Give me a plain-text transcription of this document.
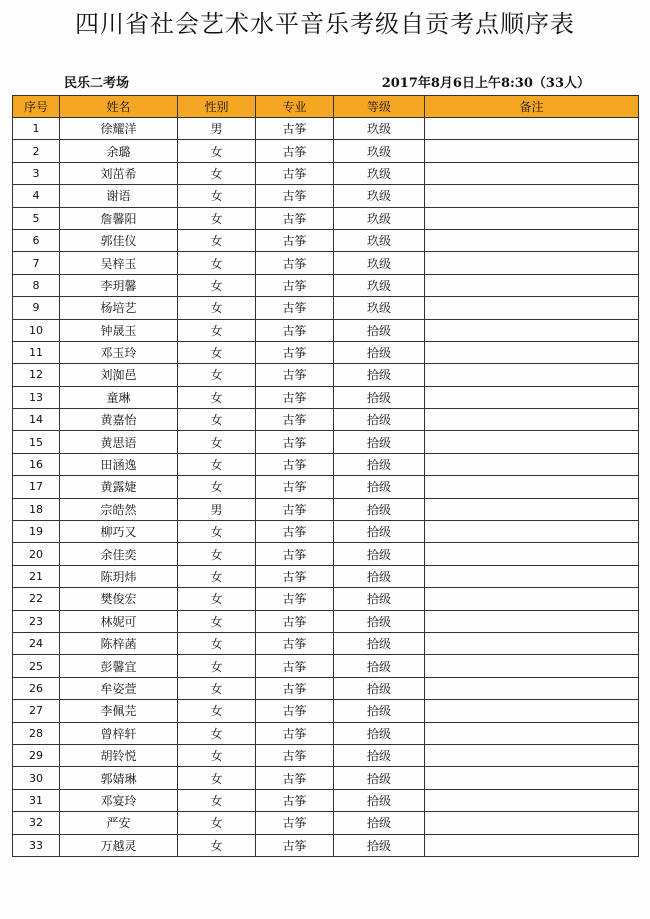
四川省社会艺术水平音乐考级自贡考点顺序表
民乐二考场	2017年8月6日上午8:30（33人）
序号	姓名	性别	专业	等级	备注
1	徐耀洋	男	古筝	玖级	
2	余璐	女	古筝	玖级	
3	刘茁希	女	古筝	玖级	
4	谢语	女	古筝	玖级	
5	詹馨阳	女	古筝	玖级	
6	郭佳仪	女	古筝	玖级	
7	吴梓玉	女	古筝	玖级	
8	李玥馨	女	古筝	玖级	
9	杨培艺	女	古筝	玖级	
10	钟晟玉	女	古筝	拾级	
11	邓玉玲	女	古筝	拾级	
12	刘洳邑	女	古筝	拾级	
13	童琳	女	古筝	拾级	
14	黄嘉怡	女	古筝	拾级	
15	黄思语	女	古筝	拾级	
16	田涵逸	女	古筝	拾级	
17	黄露婕	女	古筝	拾级	
18	宗皓然	男	古筝	拾级	
19	柳巧又	女	古筝	拾级	
20	余佳奕	女	古筝	拾级	
21	陈玥炜	女	古筝	拾级	
22	樊俊宏	女	古筝	拾级	
23	林妮可	女	古筝	拾级	
24	陈梓菡	女	古筝	拾级	
25	彭馨宜	女	古筝	拾级	
26	牟姿萱	女	古筝	拾级	
27	李佩芫	女	古筝	拾级	
28	曾梓轩	女	古筝	拾级	
29	胡铃悦	女	古筝	拾级	
30	郭婧琳	女	古筝	拾级	
31	邓宴玲	女	古筝	拾级	
32	严安	女	古筝	拾级	
33	万越灵	女	古筝	拾级	
